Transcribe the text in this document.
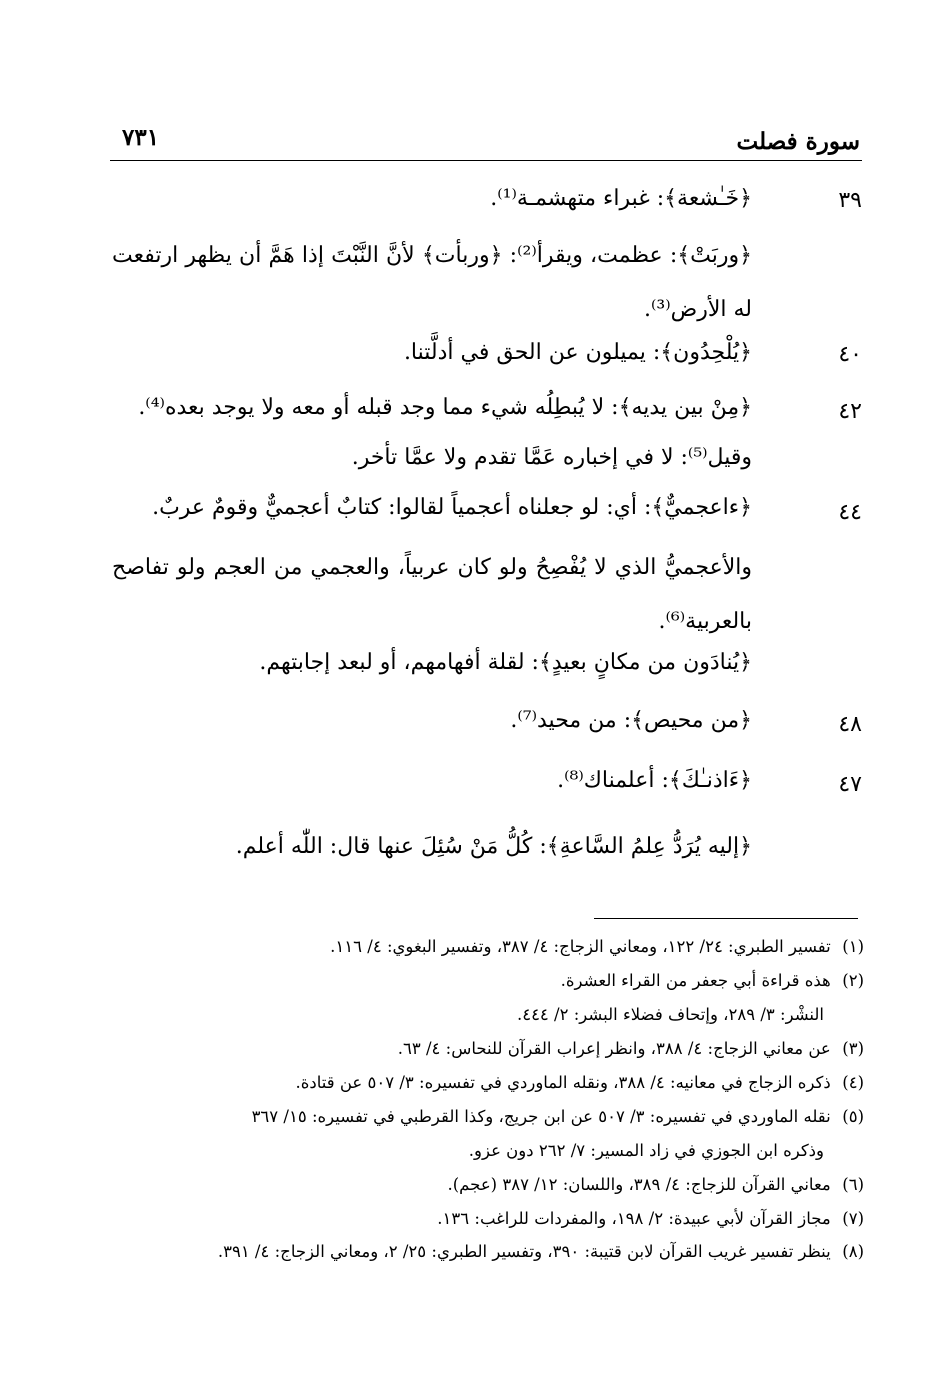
سورة فصلت
٧٣١
٣٩
﴿خَـٰشعة﴾: غبراء متهشمـة⁽¹⁾.
﴿وربَتْ﴾: عظمت، ويقرأ⁽²⁾: ﴿وربأت﴾ لأنَّ النَّبْتَ إذا هَمَّ أن يظهر ارتفعت له الأرض⁽³⁾.
٤٠
﴿يُلْحِدُون﴾: يميلون عن الحق في أدلَّتنا.
٤٢
﴿مِنْ بين يديه﴾: لا يُبطِلُه شيء مما وجد قبله أو معه ولا يوجد بعده⁽⁴⁾.
وقيل⁽⁵⁾: لا في إخباره عَمَّا تقدم ولا عمَّا تأخر.
٤٤
﴿ءاعجميٌّ﴾: أي: لو جعلناه أعجمياً لقالوا: كتابٌ أعجميٌّ وقومٌ عربٌ.
والأعجميُّ الذي لا يُفْصِحُ ولو كان عربياً، والعجمي من العجم ولو تفاصح بالعربية⁽⁶⁾.
﴿يُنادَون من مكانٍ بعيدٍ﴾: لقلة أفهامهم، أو لبعد إجابتهم.
٤٨
﴿من محيص﴾: من محيد⁽⁷⁾.
٤٧
﴿ءَاذنـٰكَ﴾: أعلمناك⁽⁸⁾.
﴿إليه يُرَدُّ عِلمُ السَّاعةِ﴾: كُلُّ مَنْ سُئِلَ عنها قال: اللّٰه أعلم.
(١) تفسير الطبري: ٢٤/ ١٢٢، ومعاني الزجاج: ٤/ ٣٨٧، وتفسير البغوي: ٤/ ١١٦.
(٢) هذه قراءة أبي جعفر من القراء العشرة.
النشْر: ٣/ ٢٨٩، وإتحاف فضلاء البشر: ٢/ ٤٤٤.
(٣) عن معاني الزجاج: ٤/ ٣٨٨، وانظر إعراب القرآن للنحاس: ٤/ ٦٣.
(٤) ذكره الزجاج في معانيه: ٤/ ٣٨٨، ونقله الماوردي في تفسيره: ٣/ ٥٠٧ عن قتادة.
(٥) نقله الماوردي في تفسيره: ٣/ ٥٠٧ عن ابن جريج، وكذا القرطبي في تفسيره: ١٥/ ٣٦٧
وذكره ابن الجوزي في زاد المسير: ٧/ ٢٦٢ دون عزو.
(٦) معاني القرآن للزجاج: ٤/ ٣٨٩، واللسان: ١٢/ ٣٨٧ (عجم).
(٧) مجاز القرآن لأبي عبيدة: ٢/ ١٩٨، والمفردات للراغب: ١٣٦.
(٨) ينظر تفسير غريب القرآن لابن قتيبة: ٣٩٠، وتفسير الطبري: ٢٥/ ٢، ومعاني الزجاج: ٤/ ٣٩١.
